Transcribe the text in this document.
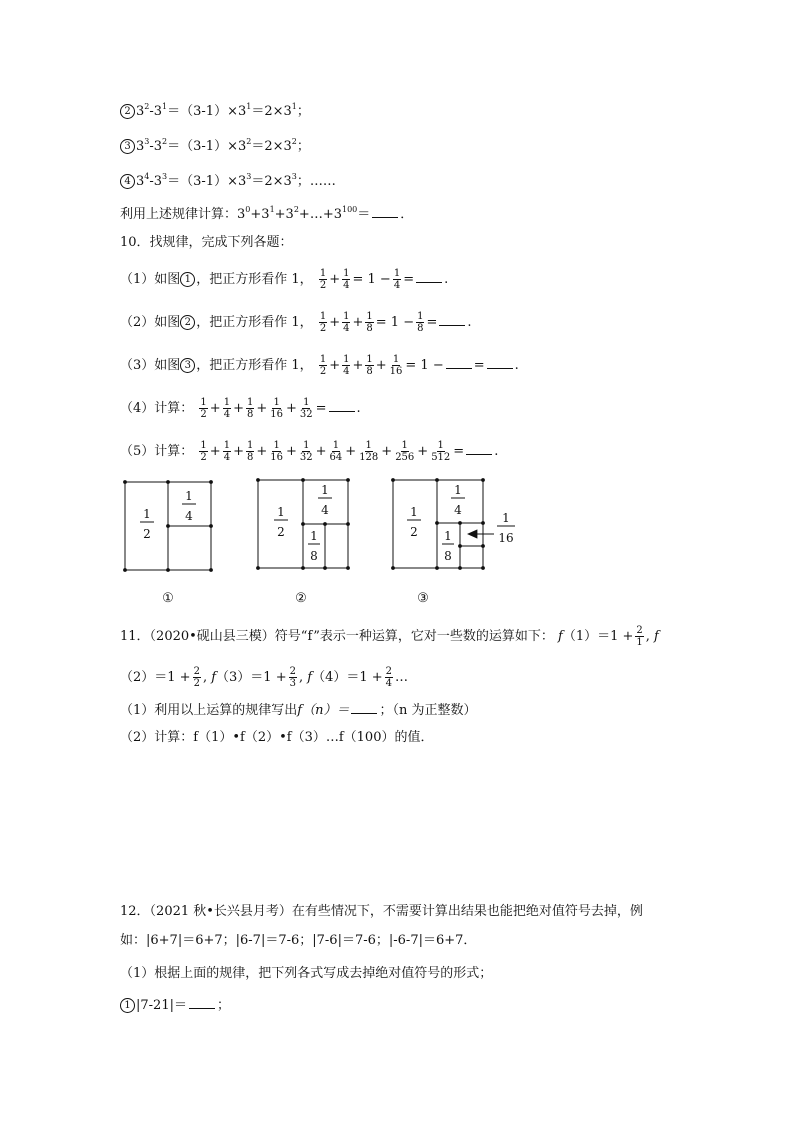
2 $3^2-3^1=(3-1)\times 3^1=2\times 3^1$；
3 $3^3-3^2=(3-1)\times 3^2=2\times 3^2$；
4 $3^4-3^3=(3-1)\times 3^3=2\times 3^3$；……
利用上述规律计算：$3^0+3^1+3^2+\dots+3^{100}=$ ．
10．找规律，完成下列各题：
（1）如图 1 ，把正方形看作 1， $\frac{1}{2} + \frac{1}{4} = 1 - \frac{1}{4}$ = .
（2）如图 2 ，把正方形看作 1， $\frac{1}{2} + \frac{1}{4} + \frac{1}{8} = 1 - \frac{1}{8}$ = .
（3）如图 3 ，把正方形看作 1， $\frac{1}{2} + \frac{1}{4} + \frac{1}{8} + \frac{1}{16} = 1$ − = .
（4）计算： $\frac{1}{2} + \frac{1}{4} + \frac{1}{8} + \frac{1}{16} + \frac{1}{32}$ = .
（5）计算： $\frac{1}{2} + \frac{1}{4} + \frac{1}{8} + \frac{1}{16} + \frac{1}{32} + \frac{1}{64} + \frac{1}{128} + \frac{1}{256} + \frac{1}{512}$ = .
1
2
1
4	1
2
1
4
1
8
1
2
1
4
1
8
1
16
①	②	③
11．（2020•砚山县三模）符号“f”表示一种运算，它对一些数的运算如下： $f(1)=1 + \frac{2}{1}$ , f
$(2)=1 + \frac{2}{2}$ , $f(3)=1 + \frac{2}{3}$ , $f(4)=1 + \frac{2}{4}$ …
（1）利用以上运算的规律写出f（n）＝ ；（n 为正整数）
（2）计算：f（1）•f（2）•f（3）…f（100）的值．
12．（2021 秋•长兴县月考）在有些情况下，不需要计算出结果也能把绝对值符号去掉，例
如：|6+7|＝6+7；|6-7|＝7-6；|7-6|＝7-6；|-6-7|＝6+7．
（1）根据上面的规律，把下列各式写成去掉绝对值符号的形式；
1 |7-21|＝ ；
